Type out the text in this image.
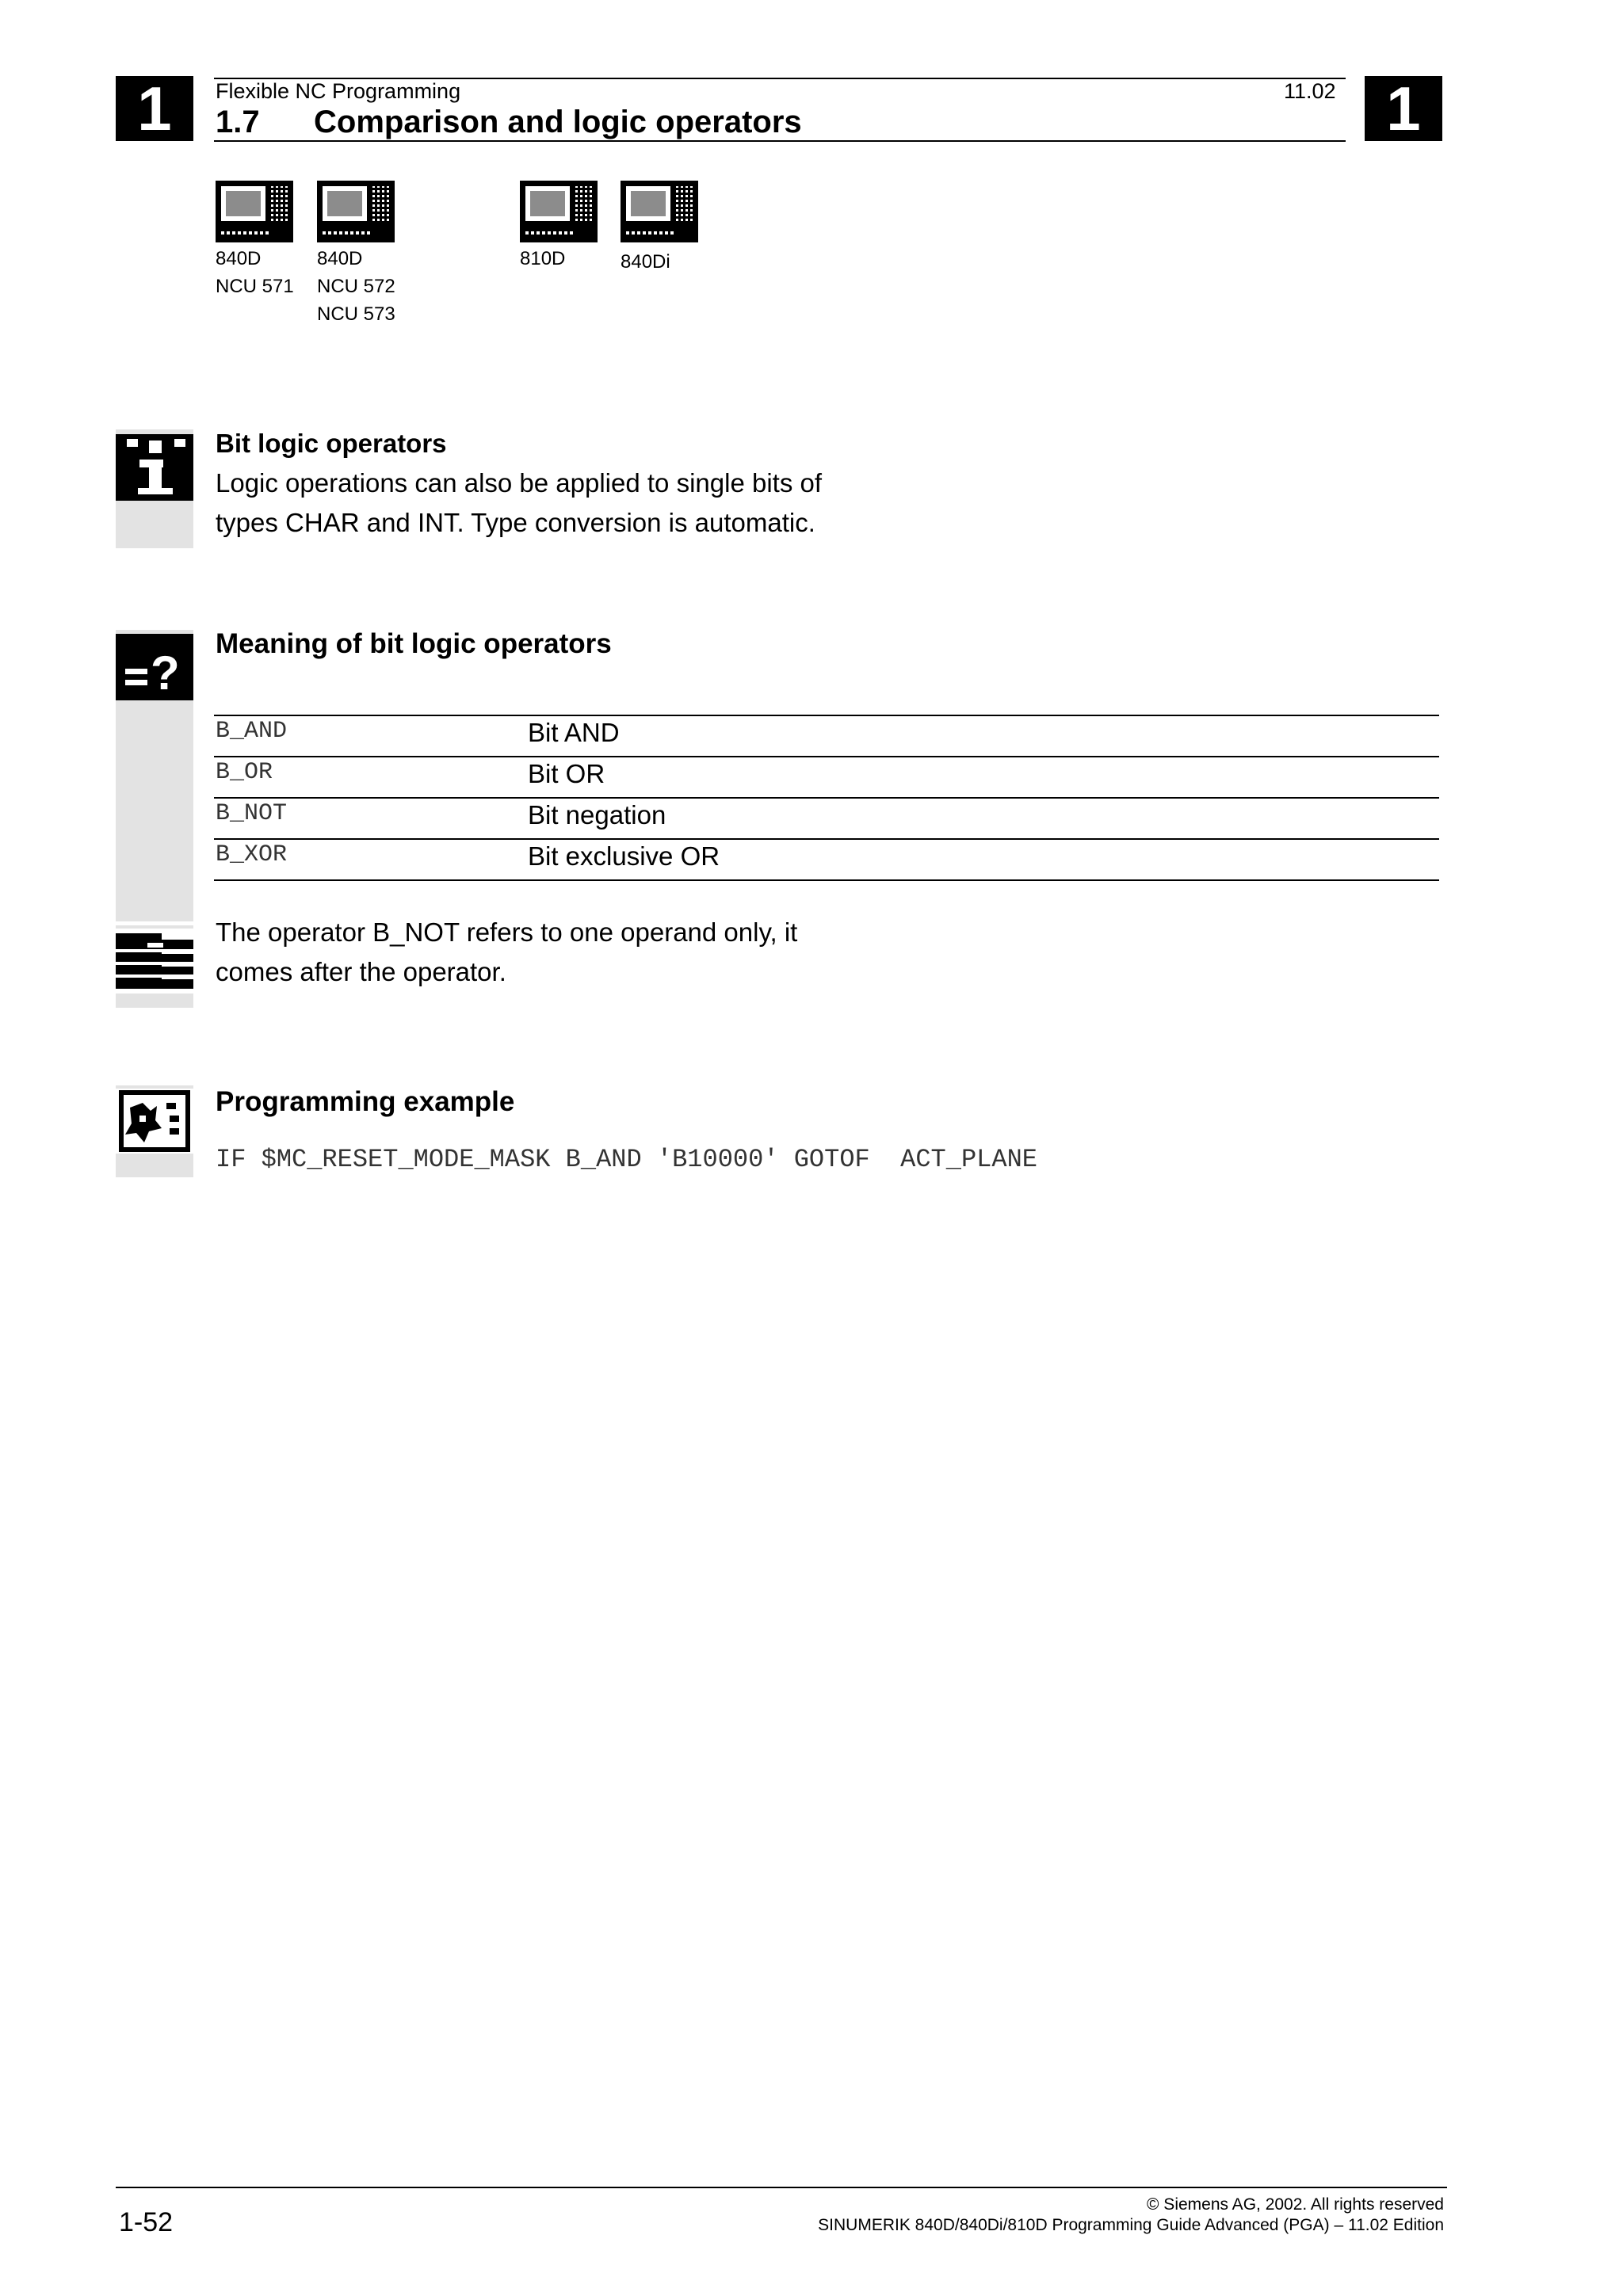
1	1
Flexible NC Programming	11.02
1.7 Comparison and logic operators
840D
NCU 571
840D
NCU 572
NCU 573
810D	840Di
Bit logic operators
Logic operations can also be applied to single bits of
types CHAR and INT. Type conversion is automatic.
?
Meaning of bit logic operators
B_AND	Bit AND
B_OR	Bit OR
B_NOT	Bit negation
B_XOR	Bit exclusive OR
The operator B_NOT refers to one operand only, it
comes after the operator.
Programming example
IF $MC_RESET_MODE_MASK B_AND 'B10000' GOTOF  ACT_PLANE
1-52
© Siemens AG, 2002. All rights reserved
SINUMERIK 840D/840Di/810D Programming Guide Advanced (PGA) – 11.02 Edition
